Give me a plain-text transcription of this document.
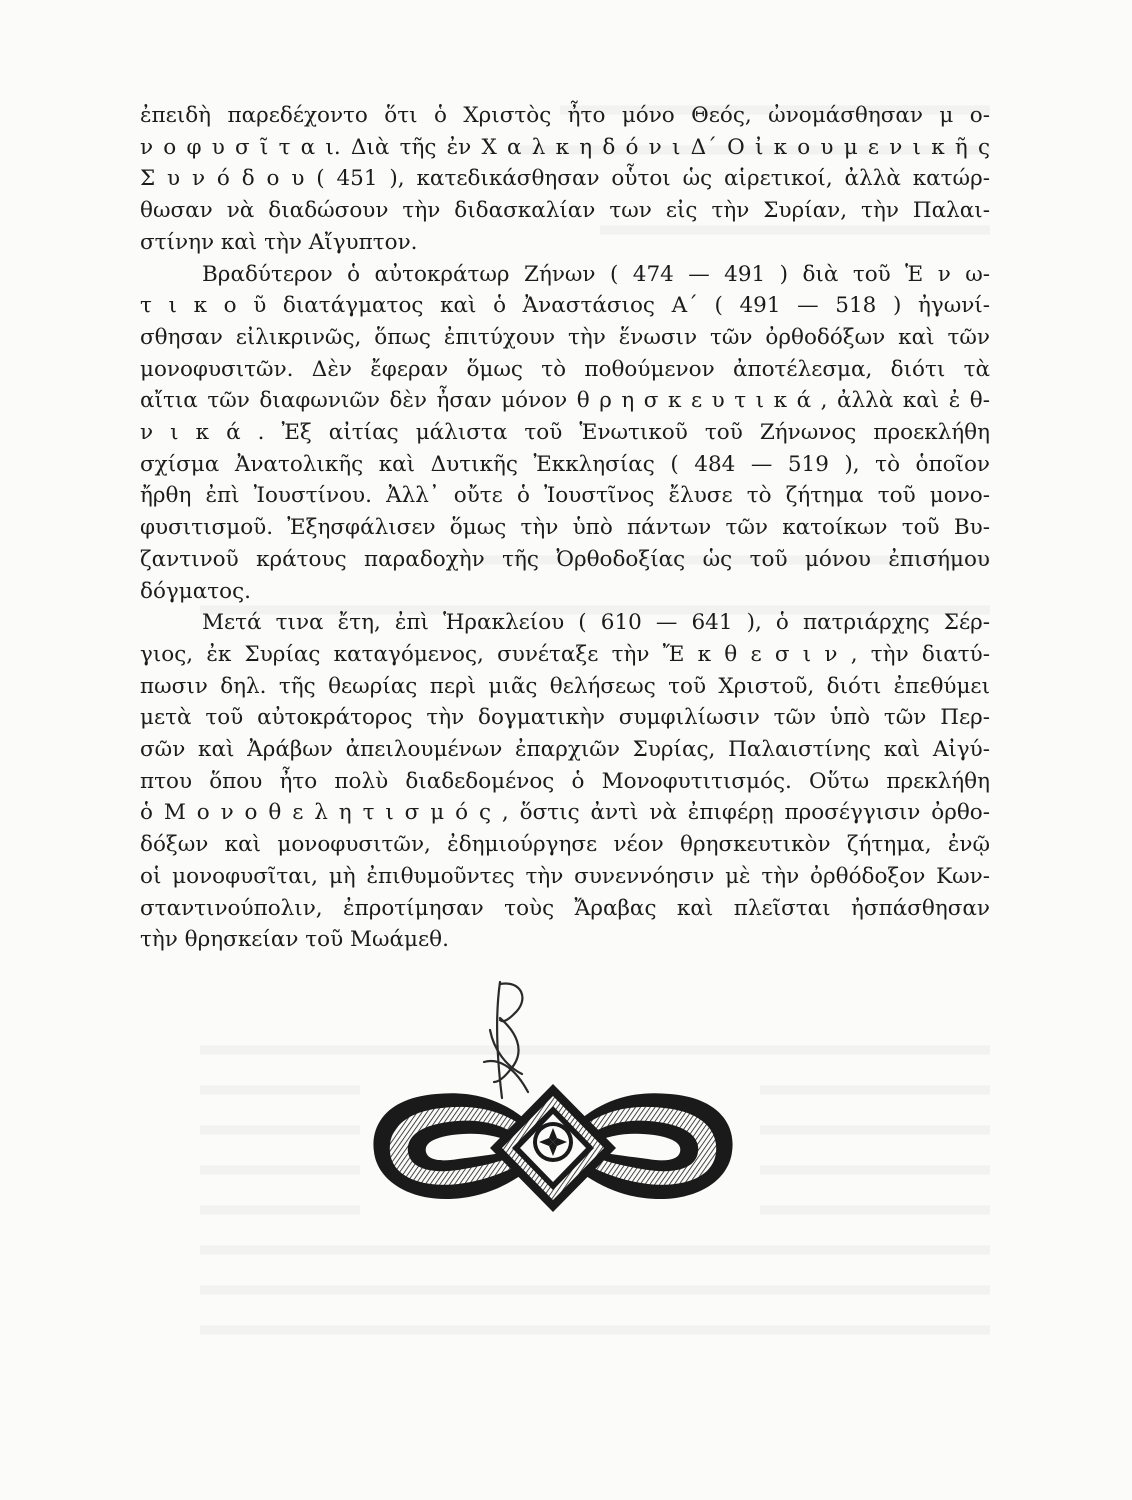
ἐπειδὴ παρεδέχοντο ὅτι ὁ Χριστὸς ἦτο μόνο Θεός, ὠνομάσθησαν μ ο-
ν ο φ υ σ ῖ τ α ι. Διὰ τῆς ἐν Χ α λ κ η δ ό ν ι Δ΄ Ο ἰ κ ο υ μ ε ν ι κ ῆ ς
Σ υ ν ό δ ο υ ( 451 ), κατεδικάσθησαν οὗτοι ὡς αἱρετικοί, ἀλλὰ κατώρ-
θωσαν νὰ διαδώσουν τὴν διδασκαλίαν των εἰς τὴν Συρίαν, τὴν Παλαι-
στίνην καὶ τὴν Αἴγυπτον.

Βραδύτερον ὁ αὐτοκράτωρ Ζήνων ( 474 — 491 ) διὰ τοῦ Ἑ ν ω-
τ ι κ ο ῦ διατάγματος καὶ ὁ Ἀναστάσιος Α΄ ( 491 — 518 ) ἠγωνί-
σθησαν εἰλικρινῶς, ὅπως ἐπιτύχουν τὴν ἕνωσιν τῶν ὀρθοδόξων καὶ τῶν
μονοφυσιτῶν. Δὲν ἔφεραν ὅμως τὸ ποθούμενον ἀποτέλεσμα, διότι τὰ
αἴτια τῶν διαφωνιῶν δὲν ἦσαν μόνον θ ρ η σ κ ε υ τ ι κ ά , ἀλλὰ καὶ ἐ θ-
ν ι κ ά . Ἐξ αἰτίας μάλιστα τοῦ Ἑνωτικοῦ τοῦ Ζήνωνος προεκλήθη
σχίσμα Ἀνατολικῆς καὶ Δυτικῆς Ἐκκλησίας ( 484 — 519 ), τὸ ὁποῖον
ἤρθη ἐπὶ Ἰουστίνου. Ἀλλ᾿ οὔτε ὁ Ἰουστῖνος ἔλυσε τὸ ζήτημα τοῦ μονο-
φυσιτισμοῦ. Ἐξησφάλισεν ὅμως τὴν ὑπὸ πάντων τῶν κατοίκων τοῦ Βυ-
ζαντινοῦ κράτους παραδοχὴν τῆς Ὀρθοδοξίας ὡς τοῦ μόνου ἐπισήμου
δόγματος.

Μετά τινα ἔτη, ἐπὶ Ἡρακλείου ( 610 — 641 ), ὁ πατριάρχης Σέρ-
γιος, ἐκ Συρίας καταγόμενος, συνέταξε τὴν Ἔ κ θ ε σ ι ν , τὴν διατύ-
πωσιν δηλ. τῆς θεωρίας περὶ μιᾶς θελήσεως τοῦ Χριστοῦ, διότι ἐπεθύμει
μετὰ τοῦ αὐτοκράτορος τὴν δογματικὴν συμφιλίωσιν τῶν ὑπὸ τῶν Περ-
σῶν καὶ Ἀράβων ἀπειλουμένων ἐπαρχιῶν Συρίας, Παλαιστίνης καὶ Αἰγύ-
πτου ὅπου ἦτο πολὺ διαδεδομένος ὁ Μονοφυτιτισμός. Οὕτω πρεκλήθη
ὁ Μ ο ν ο θ ε λ η τ ι σ μ ό ς , ὅστις ἀντὶ νὰ ἐπιφέρῃ προσέγγισιν ὀρθο-
δόξων καὶ μονοφυσιτῶν, ἐδημιούργησε νέον θρησκευτικὸν ζήτημα, ἐνῷ
οἱ μονοφυσῖται, μὴ ἐπιθυμοῦντες τὴν συνεννόησιν μὲ τὴν ὀρθόδοξον Κων-
σταντινούπολιν, ἐπροτίμησαν τοὺς Ἄραβας καὶ πλεῖσται ἠσπάσθησαν
τὴν θρησκείαν τοῦ Μωάμεθ.
